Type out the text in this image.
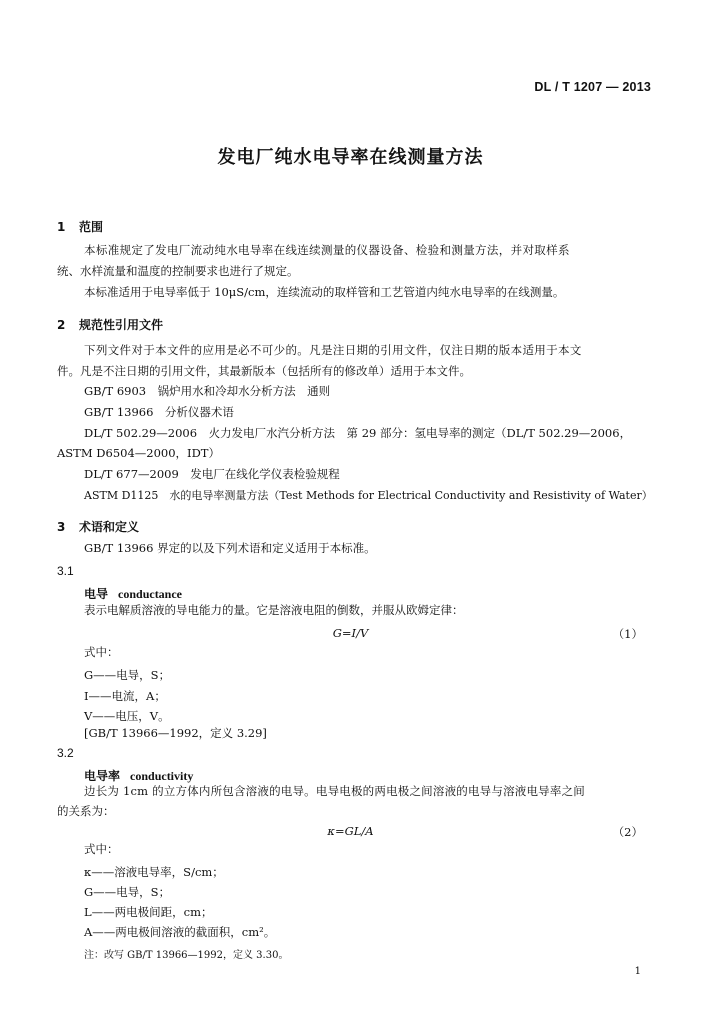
DL / T 1207 — 2013
发电厂纯水电导率在线测量方法
1 范围
本标准规定了发电厂流动纯水电导率在线连续测量的仪器设备、检验和测量方法，并对取样系
统、水样流量和温度的控制要求也进行了规定。
本标准适用于电导率低于 10μS/cm，连续流动的取样管和工艺管道内纯水电导率的在线测量。
2 规范性引用文件
下列文件对于本文件的应用是必不可少的。凡是注日期的引用文件，仅注日期的版本适用于本文
件。凡是不注日期的引用文件，其最新版本（包括所有的修改单）适用于本文件。
GB/T 6903　锅炉用水和冷却水分析方法　通则
GB/T 13966　分析仪器术语
DL/T 502.29—2006　火力发电厂水汽分析方法　第 29 部分：氢电导率的测定（DL/T 502.29—2006，
ASTM D6504—2000，IDT）
DL/T 677—2009　发电厂在线化学仪表检验规程
ASTM D1125　水的电导率测量方法（Test Methods for Electrical Conductivity and Resistivity of Water）
3 术语和定义
GB/T 13966 界定的以及下列术语和定义适用于本标准。
3.1
电导 conductance
表示电解质溶液的导电能力的量。它是溶液电阻的倒数，并服从欧姆定律：
G=I/V	（1）
式中：
G——电导，S；
I——电流，A；
V——电压，V。
[GB/T 13966—1992，定义 3.29]
3.2
电导率 conductivity
边长为 1cm 的立方体内所包含溶液的电导。电导电极的两电极之间溶液的电导与溶液电导率之间
的关系为：
κ=GL/A	（2）
式中：
κ——溶液电导率，S/cm；
G——电导，S；
L——两电极间距，cm；
A——两电极间溶液的截面积，cm²。
注：改写 GB/T 13966—1992，定义 3.30。
1
